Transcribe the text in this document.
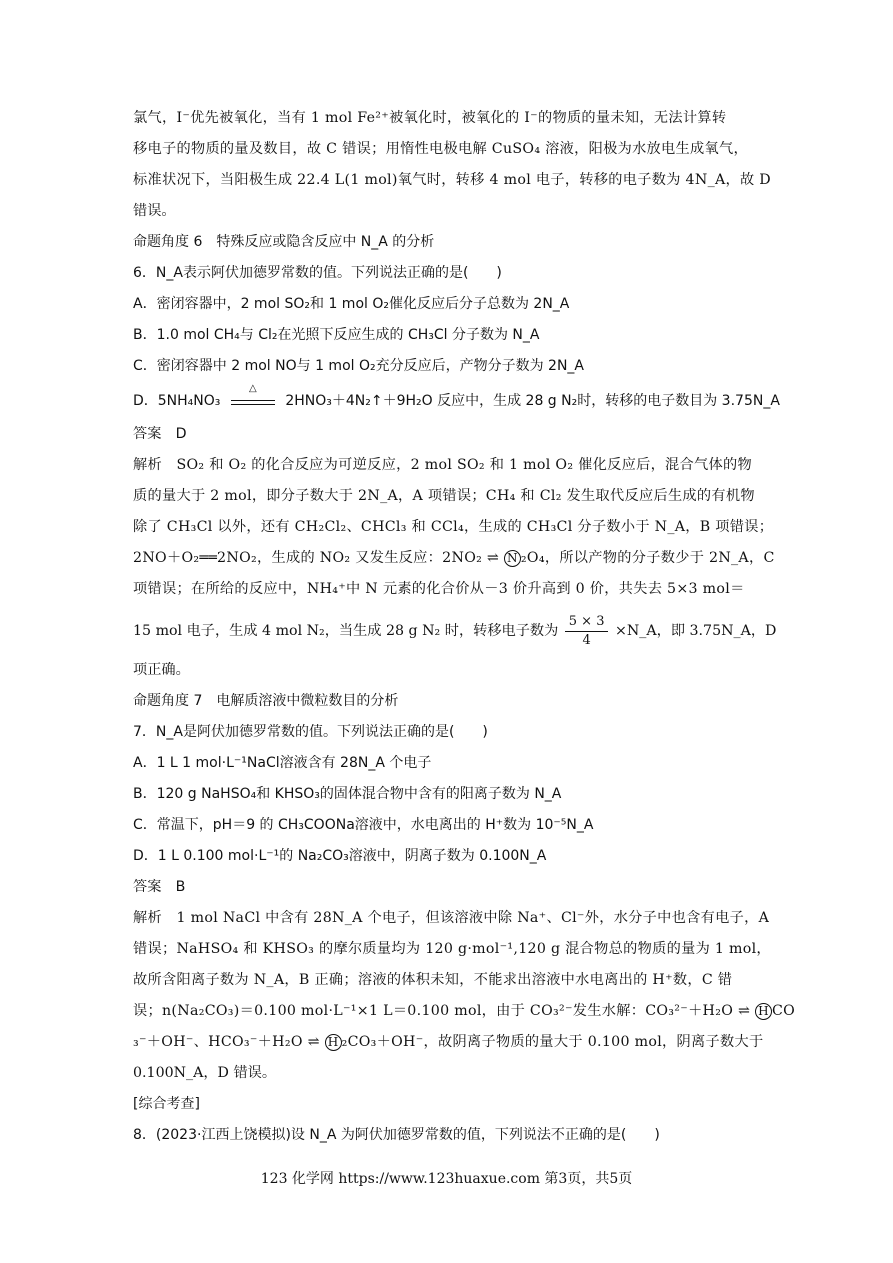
氯气，I⁻优先被氧化，当有 1 mol Fe²⁺被氧化时，被氧化的 I⁻的物质的量未知，无法计算转
移电子的物质的量及数目，故 C 错误；用惰性电极电解 CuSO₄ 溶液，阳极为水放电生成氧气，
标准状况下，当阳极生成 22.4 L(1 mol)氧气时，转移 4 mol 电子，转移的电子数为 4N_A，故 D
错误。
命题角度 6　特殊反应或隐含反应中 N_A 的分析
6．N_A表示阿伏加德罗常数的值。下列说法正确的是(　　)
A．密闭容器中，2 mol SO₂和 1 mol O₂催化反应后分子总数为 2N_A
B．1.0 mol CH₄与 Cl₂在光照下反应生成的 CH₃Cl 分子数为 N_A
C．密闭容器中 2 mol NO与 1 mol O₂充分反应后，产物分子数为 2N_A
D．5NH₄NO₃
△
2HNO₃＋4N₂↑＋9H₂O 反应中，生成 28 g N₂时，转移的电子数目为 3.75N_A
答案　D
解析　SO₂ 和 O₂ 的化合反应为可逆反应，2 mol SO₂ 和 1 mol O₂ 催化反应后，混合气体的物
质的量大于 2 mol，即分子数大于 2N_A，A 项错误；CH₄ 和 Cl₂ 发生取代反应后生成的有机物
除了 CH₃Cl 以外，还有 CH₂Cl₂、CHCl₃ 和 CCl₄，生成的 CH₃Cl 分子数小于 N_A，B 项错误；
2NO＋O₂══2NO₂，生成的 NO₂ 又发生反应：2NO₂ ⇌ N ₂O₄，所以产物的分子数少于 2N_A，C
项错误；在所给的反应中，NH₄⁺中 N 元素的化合价从－3 价升高到 0 价，共失去 5×3 mol＝
15 mol 电子，生成 4 mol N₂，当生成 28 g N₂ 时，转移电子数为 $\frac{5 \times 3}{4}$ ×N_A，即 3.75N_A，D
项正确。
命题角度 7　电解质溶液中微粒数目的分析
7．N_A是阿伏加德罗常数的值。下列说法正确的是(　　)
A．1 L 1 mol·L⁻¹NaCl溶液含有 28N_A 个电子
B．120 g NaHSO₄和 KHSO₃的固体混合物中含有的阳离子数为 N_A
C．常温下，pH＝9 的 CH₃COONa溶液中，水电离出的 H⁺数为 10⁻⁵N_A
D．1 L 0.100 mol·L⁻¹的 Na₂CO₃溶液中，阴离子数为 0.100N_A
答案　B
解析　1 mol NaCl 中含有 28N_A 个电子，但该溶液中除 Na⁺、Cl⁻外，水分子中也含有电子，A
错误；NaHSO₄ 和 KHSO₃ 的摩尔质量均为 120 g·mol⁻¹,120 g 混合物总的物质的量为 1 mol，
故所含阳离子数为 N_A，B 正确；溶液的体积未知，不能求出溶液中水电离出的 H⁺数，C 错
误；n(Na₂CO₃)＝0.100 mol·L⁻¹×1 L＝0.100 mol，由于 CO₃²⁻发生水解：CO₃²⁻＋H₂O ⇌ H CO
₃⁻＋OH⁻、HCO₃⁻＋H₂O ⇌ H ₂CO₃＋OH⁻，故阴离子物质的量大于 0.100 mol，阴离子数大于
0.100N_A，D 错误。
[综合考查]
8．(2023·江西上饶模拟)设 N_A 为阿伏加德罗常数的值，下列说法不正确的是(　　)
123 化学网 https://www.123huaxue.com 第3页，共5页
